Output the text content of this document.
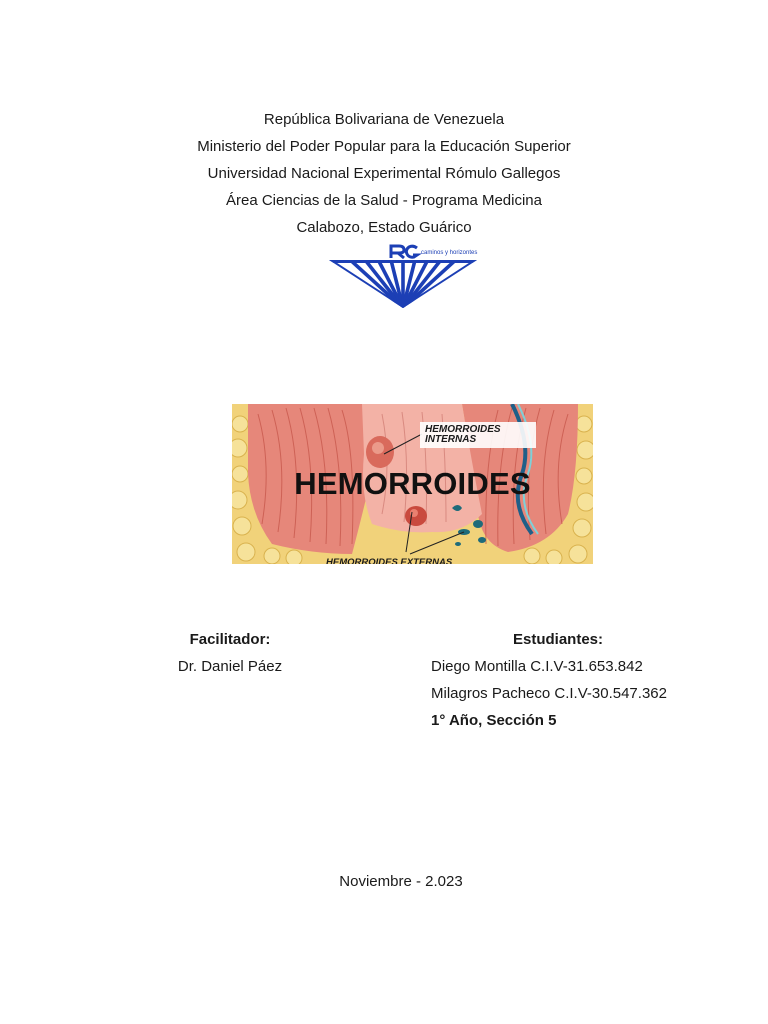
República Bolivariana de Venezuela
Ministerio del Poder Popular para la Educación Superior
Universidad Nacional Experimental Rómulo Gallegos
Área Ciencias de la Salud - Programa Medicina
Calabozo, Estado Guárico
caminos y horizontes
HEMORROIDES
INTERNAS
HEMORROIDES
HEMORROIDES EXTERNAS
Facilitador:
Dr. Daniel Páez
Estudiantes:
Diego Montilla C.I.V-31.653.842
Milagros Pacheco C.I.V-30.547.362
1° Año, Sección 5
Noviembre - 2.023
